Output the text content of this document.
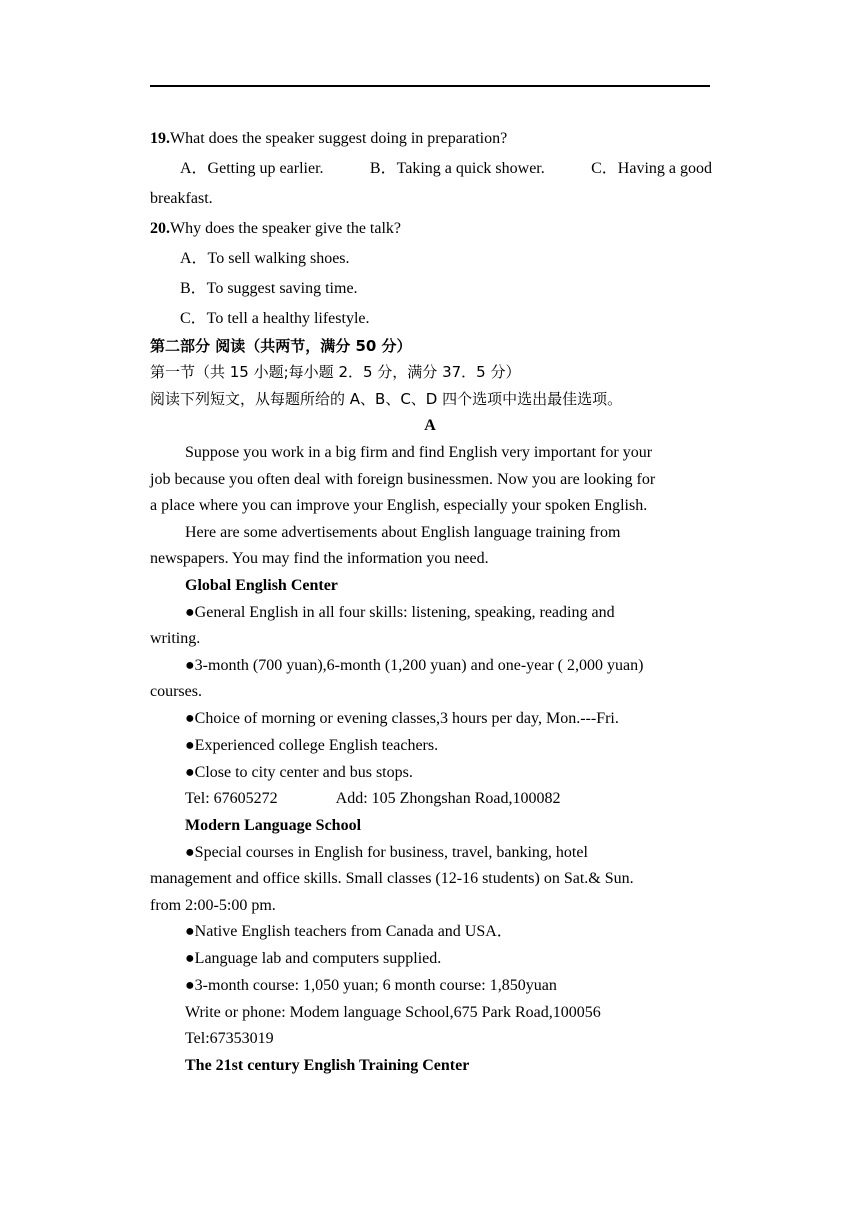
19.What does the speaker suggest doing in preparation?
A．Getting up earlier.	B．Taking a quick shower.	C．Having a good
breakfast.
20.Why does the speaker give the talk?
A．To sell walking shoes.
B．To suggest saving time.
C．To tell a healthy lifestyle.
第二部分 阅读（共两节，满分 50 分）
第一节（共 15 小题;每小题 2．5 分，满分 37．5 分）
阅读下列短文，从每题所给的 A、B、C、D 四个选项中选出最佳选项。
A
Suppose you work in a big firm and find English very important for your
job because you often deal with foreign businessmen. Now you are looking for
a place where you can improve your English, especially your spoken English.
Here are some advertisements about English language training from
newspapers. You may find the information you need.
Global English Center
●General English in all four skills: listening, speaking, reading and
writing.
●3-month (700 yuan),6-month (1,200 yuan) and one-year ( 2,000 yuan)
courses.
●Choice of morning or evening classes,3 hours per day, Mon.---Fri.
●Experienced college English teachers.
●Close to city center and bus stops.
Tel: 67605272	Add: 105 Zhongshan Road,100082
Modern Language School
●Special courses in English for business, travel, banking, hotel
management and office skills. Small classes (12-16 students) on Sat.& Sun.
from 2:00-5:00 pm.
●Native English teachers from Canada and USA．
●Language lab and computers supplied.
●3-month course: 1,050 yuan; 6 month course: 1,850yuan
Write or phone: Modem language School,675 Park Road,100056
Tel:67353019
The 21st century English Training Center
